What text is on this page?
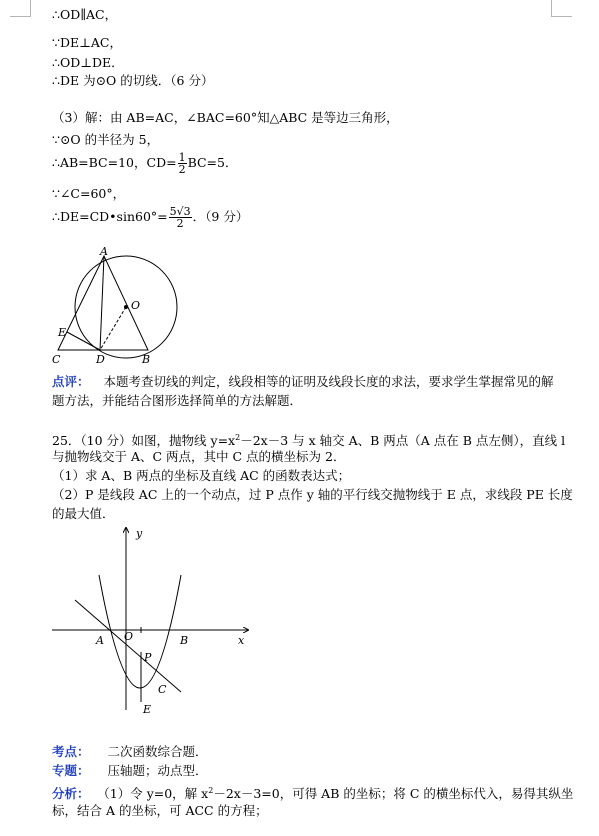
∴OD∥AC，
∵DE⊥AC，
∴OD⊥DE．
∴DE 为⊙O 的切线．（6 分）
（3）解：由 AB=AC，∠BAC=60°知△ABC 是等边三角形，
∵⊙O 的半径为 5，
∴AB=BC=10，$CD= \frac{1}{2} BC=5$．
∵∠C=60°，
∴DE=CD•sin60°= $\frac{5√3}{2}$ ．（9 分）
A
O
E
C	D	B
点评： 本题考查切线的判定，线段相等的证明及线段长度的求法，要求学生掌握常见的解
题方法，并能结合图形选择简单的方法解题．
25．（10 分）如图，抛物线 $y=x^2-2x-3$ 与 x 轴交 A、B 两点（A 点在 B 点左侧），直线 l
与抛物线交于 A、C 两点，其中 C 点的横坐标为 2．
（1）求 A、B 两点的坐标及直线 AC 的函数表达式；
（2）P 是线段 AC 上的一个动点，过 P 点作 y 轴的平行线交抛物线于 E 点，求线段 PE 长度
的最大值．
y
x
A O	B
P
C
E
考点： 二次函数综合题．
专题： 压轴题；动点型．
分析： （1）令 y=0，解 $x^2-2x-3=0$，可得 AB 的坐标；将 C 的横坐标代入，易得其纵坐
标，结合 A 的坐标，可 ACC 的方程；
